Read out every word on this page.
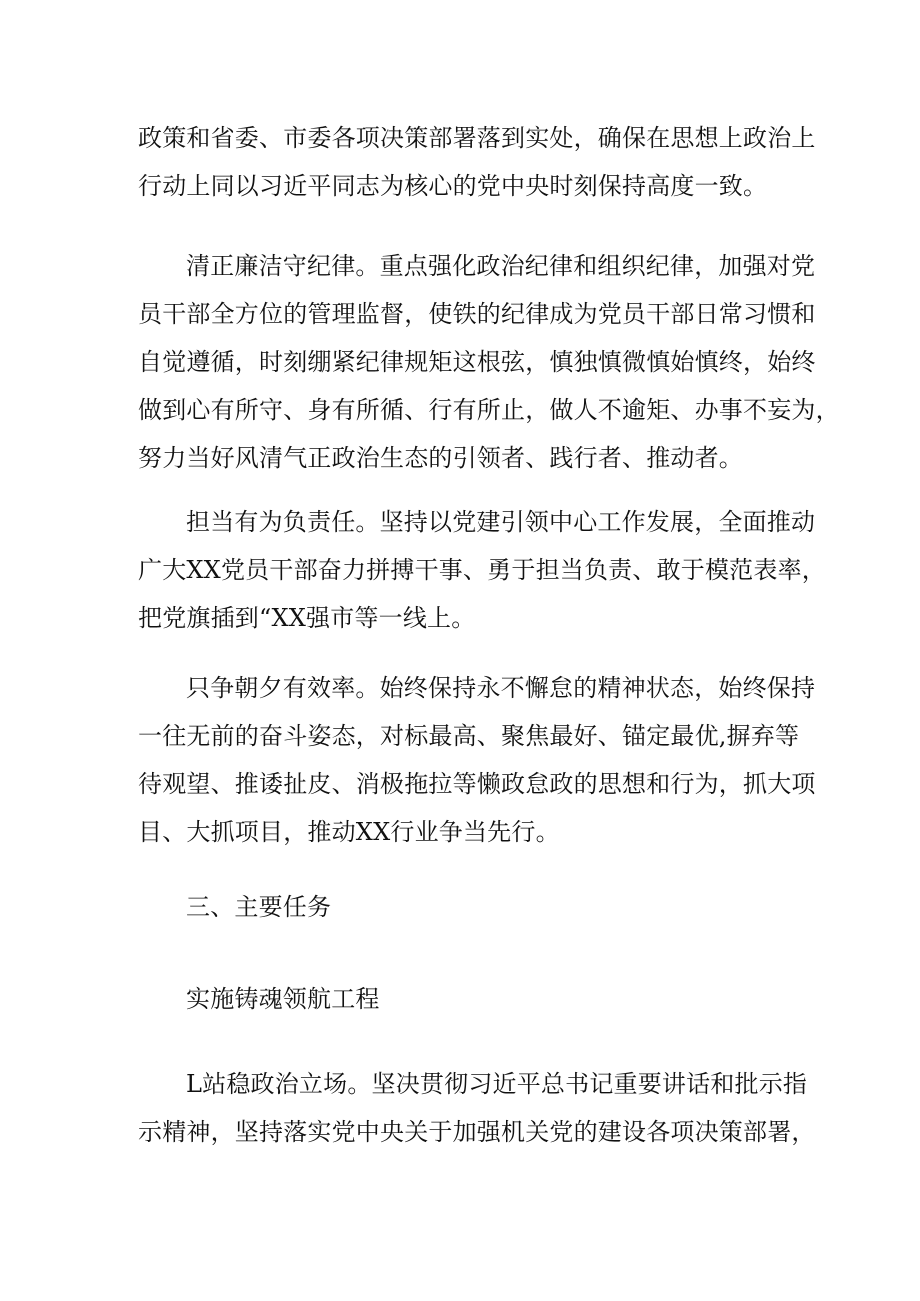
政策和省委、市委各项决策部署落到实处，确保在思想上政治上
行动上同以习近平同志为核心的党中央时刻保持高度一致。
清正廉洁守纪律。重点强化政治纪律和组织纪律，加强对党
员干部全方位的管理监督，使铁的纪律成为党员干部日常习惯和
自觉遵循，时刻绷紧纪律规矩这根弦，慎独慎微慎始慎终，始终
做到心有所守、身有所循、行有所止，做人不逾矩、办事不妄为，
努力当好风清气正政治生态的引领者、践行者、推动者。
担当有为负责任。坚持以党建引领中心工作发展，全面推动
广大XX党员干部奋力拼搏干事、勇于担当负责、敢于模范表率，
把党旗插到“XX强市等一线上。
只争朝夕有效率。始终保持永不懈怠的精神状态，始终保持
一往无前的奋斗姿态，对标最高、聚焦最好、锚定最优,摒弃等
待观望、推诿扯皮、消极拖拉等懒政怠政的思想和行为，抓大项
目、大抓项目，推动XX行业争当先行。
三、主要任务
实施铸魂领航工程
L站稳政治立场。坚决贯彻习近平总书记重要讲话和批示指
示精神，坚持落实党中央关于加强机关党的建设各项决策部署，
